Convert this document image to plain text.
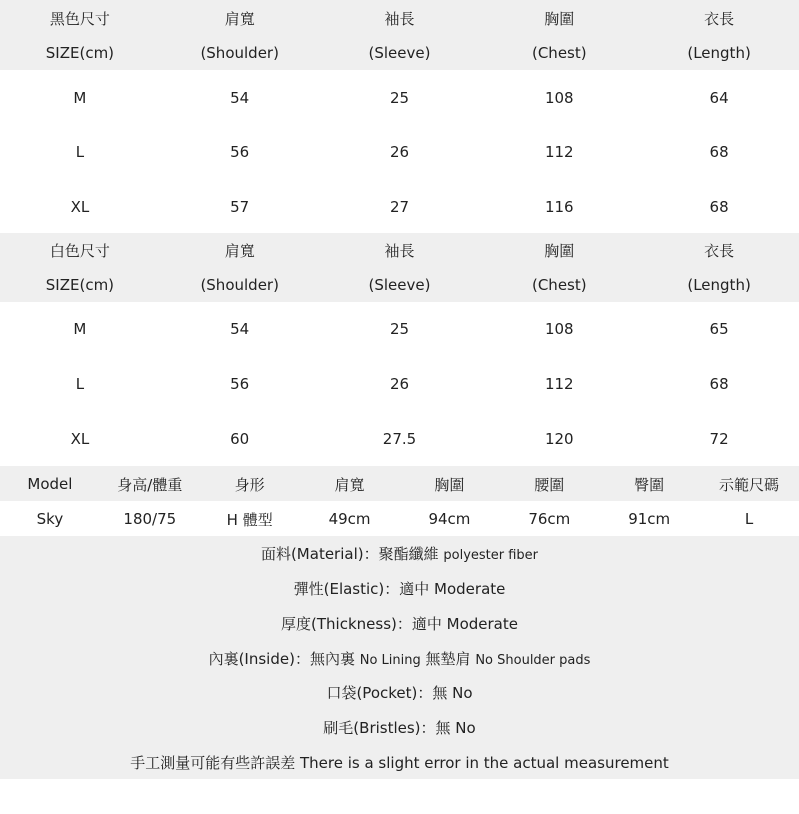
黑色尺寸	肩寬	袖長	胸圍	衣長
SIZE(cm)	(Shoulder)	(Sleeve)	(Chest)	(Length)
M	54	25	108	64
L	56	26	112	68
XL	57	27	116	68
白色尺寸	肩寬	袖長	胸圍	衣長
SIZE(cm)	(Shoulder)	(Sleeve)	(Chest)	(Length)
M	54	25	108	65
L	56	26	112	68
XL	60	27.5	120	72
Model	身高/體重	身形	肩寬	胸圍	腰圍	臀圍	示範尺碼
Sky	180/75	H 體型	49cm	94cm	76cm	91cm	L
面料(Material)：聚酯纖維 polyester fiber
彈性(Elastic)：適中 Moderate
厚度(Thickness)：適中 Moderate
內裏(Inside)：無內裏 No Lining 無墊肩 No Shoulder pads
口袋(Pocket)：無 No
刷毛(Bristles)：無 No
手工測量可能有些許誤差 There is a slight error in the actual measurement
